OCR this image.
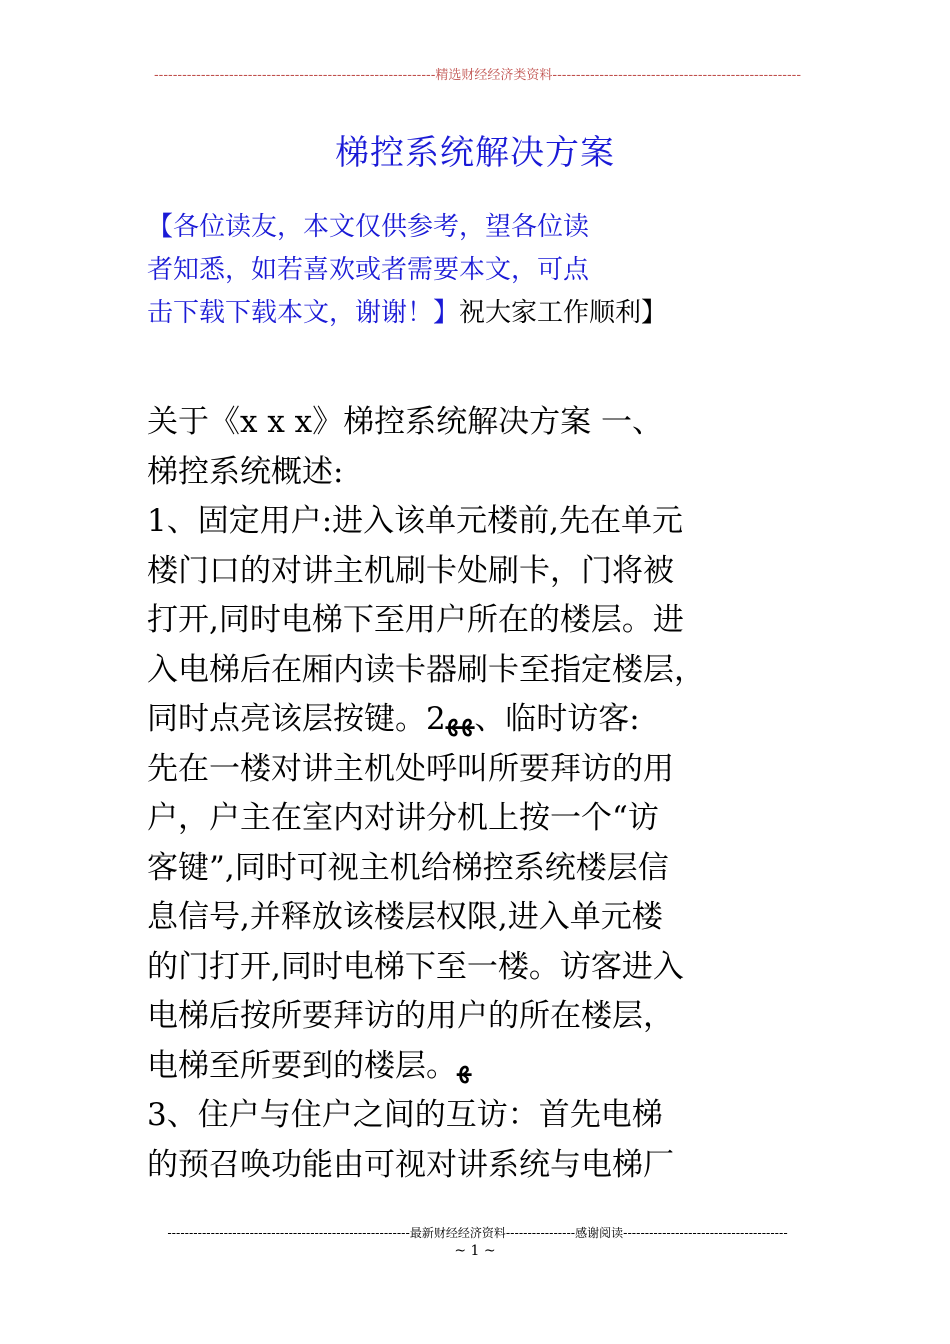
------------------------------------------------------------精选财经经济类资料-----------------------------------------------------
梯控系统解决方案
【各位读友，本文仅供参考，望各位读
者知悉，如若喜欢或者需要本文，可点
击下载下载本文，谢谢！】祝大家工作顺利】
关于《x x x》梯控系统解决方案 ﻿﻿一、
梯控系统概述:
1、固定用户:进入该单元楼前,先在单元
楼门口的对讲主机刷卡处刷卡，门将被
打开,同时电梯下至用户所在的楼层。进
入电梯后在厢内读卡器刷卡至指定楼层，
同时点亮该层按键。2ﻬﻬ、临时访客:
先在一楼对讲主机处呼叫所要拜访的用
户，户主在室内对讲分机上按一个“访
客键”,同时可视主机给梯控系统楼层信
息信号,并释放该楼层权限,进入单元楼
的门打开,同时电梯下至一楼。访客进入
电梯后按所要拜访的用户的所在楼层，
电梯至所要到的楼层。ﻬ
3、住户与住户之间的互访：首先电梯
的预召唤功能由可视对讲系统与电梯厂
--------------------------------------------------------最新财经经济资料----------------感谢阅读--------------------------------------
~ 1 ~
